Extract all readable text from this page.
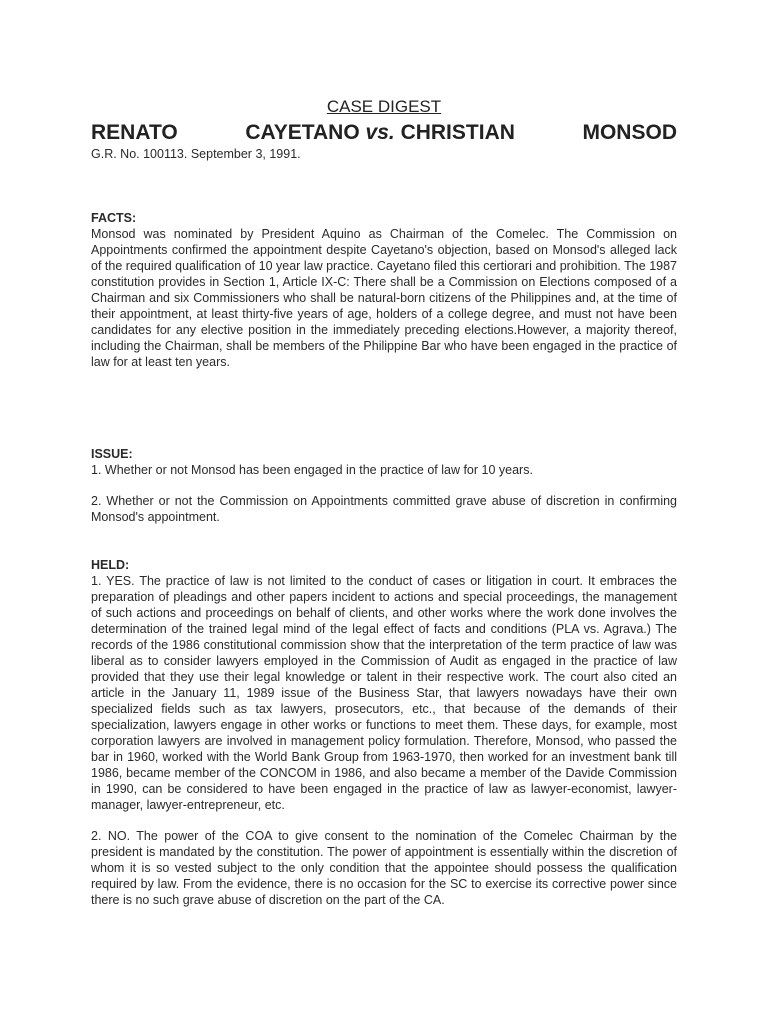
CASE DIGEST
RENATO	CAYETANO vs. CHRISTIAN	MONSOD
G.R. No. 100113. September 3, 1991.
FACTS:

Monsod was nominated by President Aquino as Chairman of the Comelec. The Commission on Appointments confirmed the appointment despite Cayetano's objection, based on Monsod's alleged lack of the required qualification of 10 year law practice. Cayetano filed this certiorari and prohibition. The 1987 constitution provides in Section 1, Article IX-C: There shall be a Commission on Elections composed of a Chairman and six Commissioners who shall be natural-born citizens of the Philippines and, at the time of their appointment, at least thirty-five years of age, holders of a college degree, and must not have been candidates for any elective position in the immediately preceding elections.However, a majority thereof, including the Chairman, shall be members of the Philippine Bar who have been engaged in the practice of law for at least ten years.

ISSUE:

1. Whether or not Monsod has been engaged in the practice of law for 10 years.

2. Whether or not the Commission on Appointments committed grave abuse of discretion in confirming Monsod's appointment.

HELD:

1. YES. The practice of law is not limited to the conduct of cases or litigation in court. It embraces the preparation of pleadings and other papers incident to actions and special proceedings, the management of such actions and proceedings on behalf of clients, and other works where the work done involves the determination of the trained legal mind of the legal effect of facts and conditions (PLA vs. Agrava.) The records of the 1986 constitutional commission show that the interpretation of the term practice of law was liberal as to consider lawyers employed in the Commission of Audit as engaged in the practice of law provided that they use their legal knowledge or talent in their respective work. The court also cited an article in the January 11, 1989 issue of the Business Star, that lawyers nowadays have their own specialized fields such as tax lawyers, prosecutors, etc., that because of the demands of their specialization, lawyers engage in other works or functions to meet them. These days, for example, most corporation lawyers are involved in management policy formulation. Therefore, Monsod, who passed the bar in 1960, worked with the World Bank Group from 1963-1970, then worked for an investment bank till 1986, became member of the CONCOM in 1986, and also became a member of the Davide Commission in 1990, can be considered to have been engaged in the practice of law as lawyer-economist, lawyer-manager, lawyer-entrepreneur, etc.

2. NO. The power of the COA to give consent to the nomination of the Comelec Chairman by the president is mandated by the constitution. The power of appointment is essentially within the discretion of whom it is so vested subject to the only condition that the appointee should possess the qualification required by law. From the evidence, there is no occasion for the SC to exercise its corrective power since there is no such grave abuse of discretion on the part of the CA.
